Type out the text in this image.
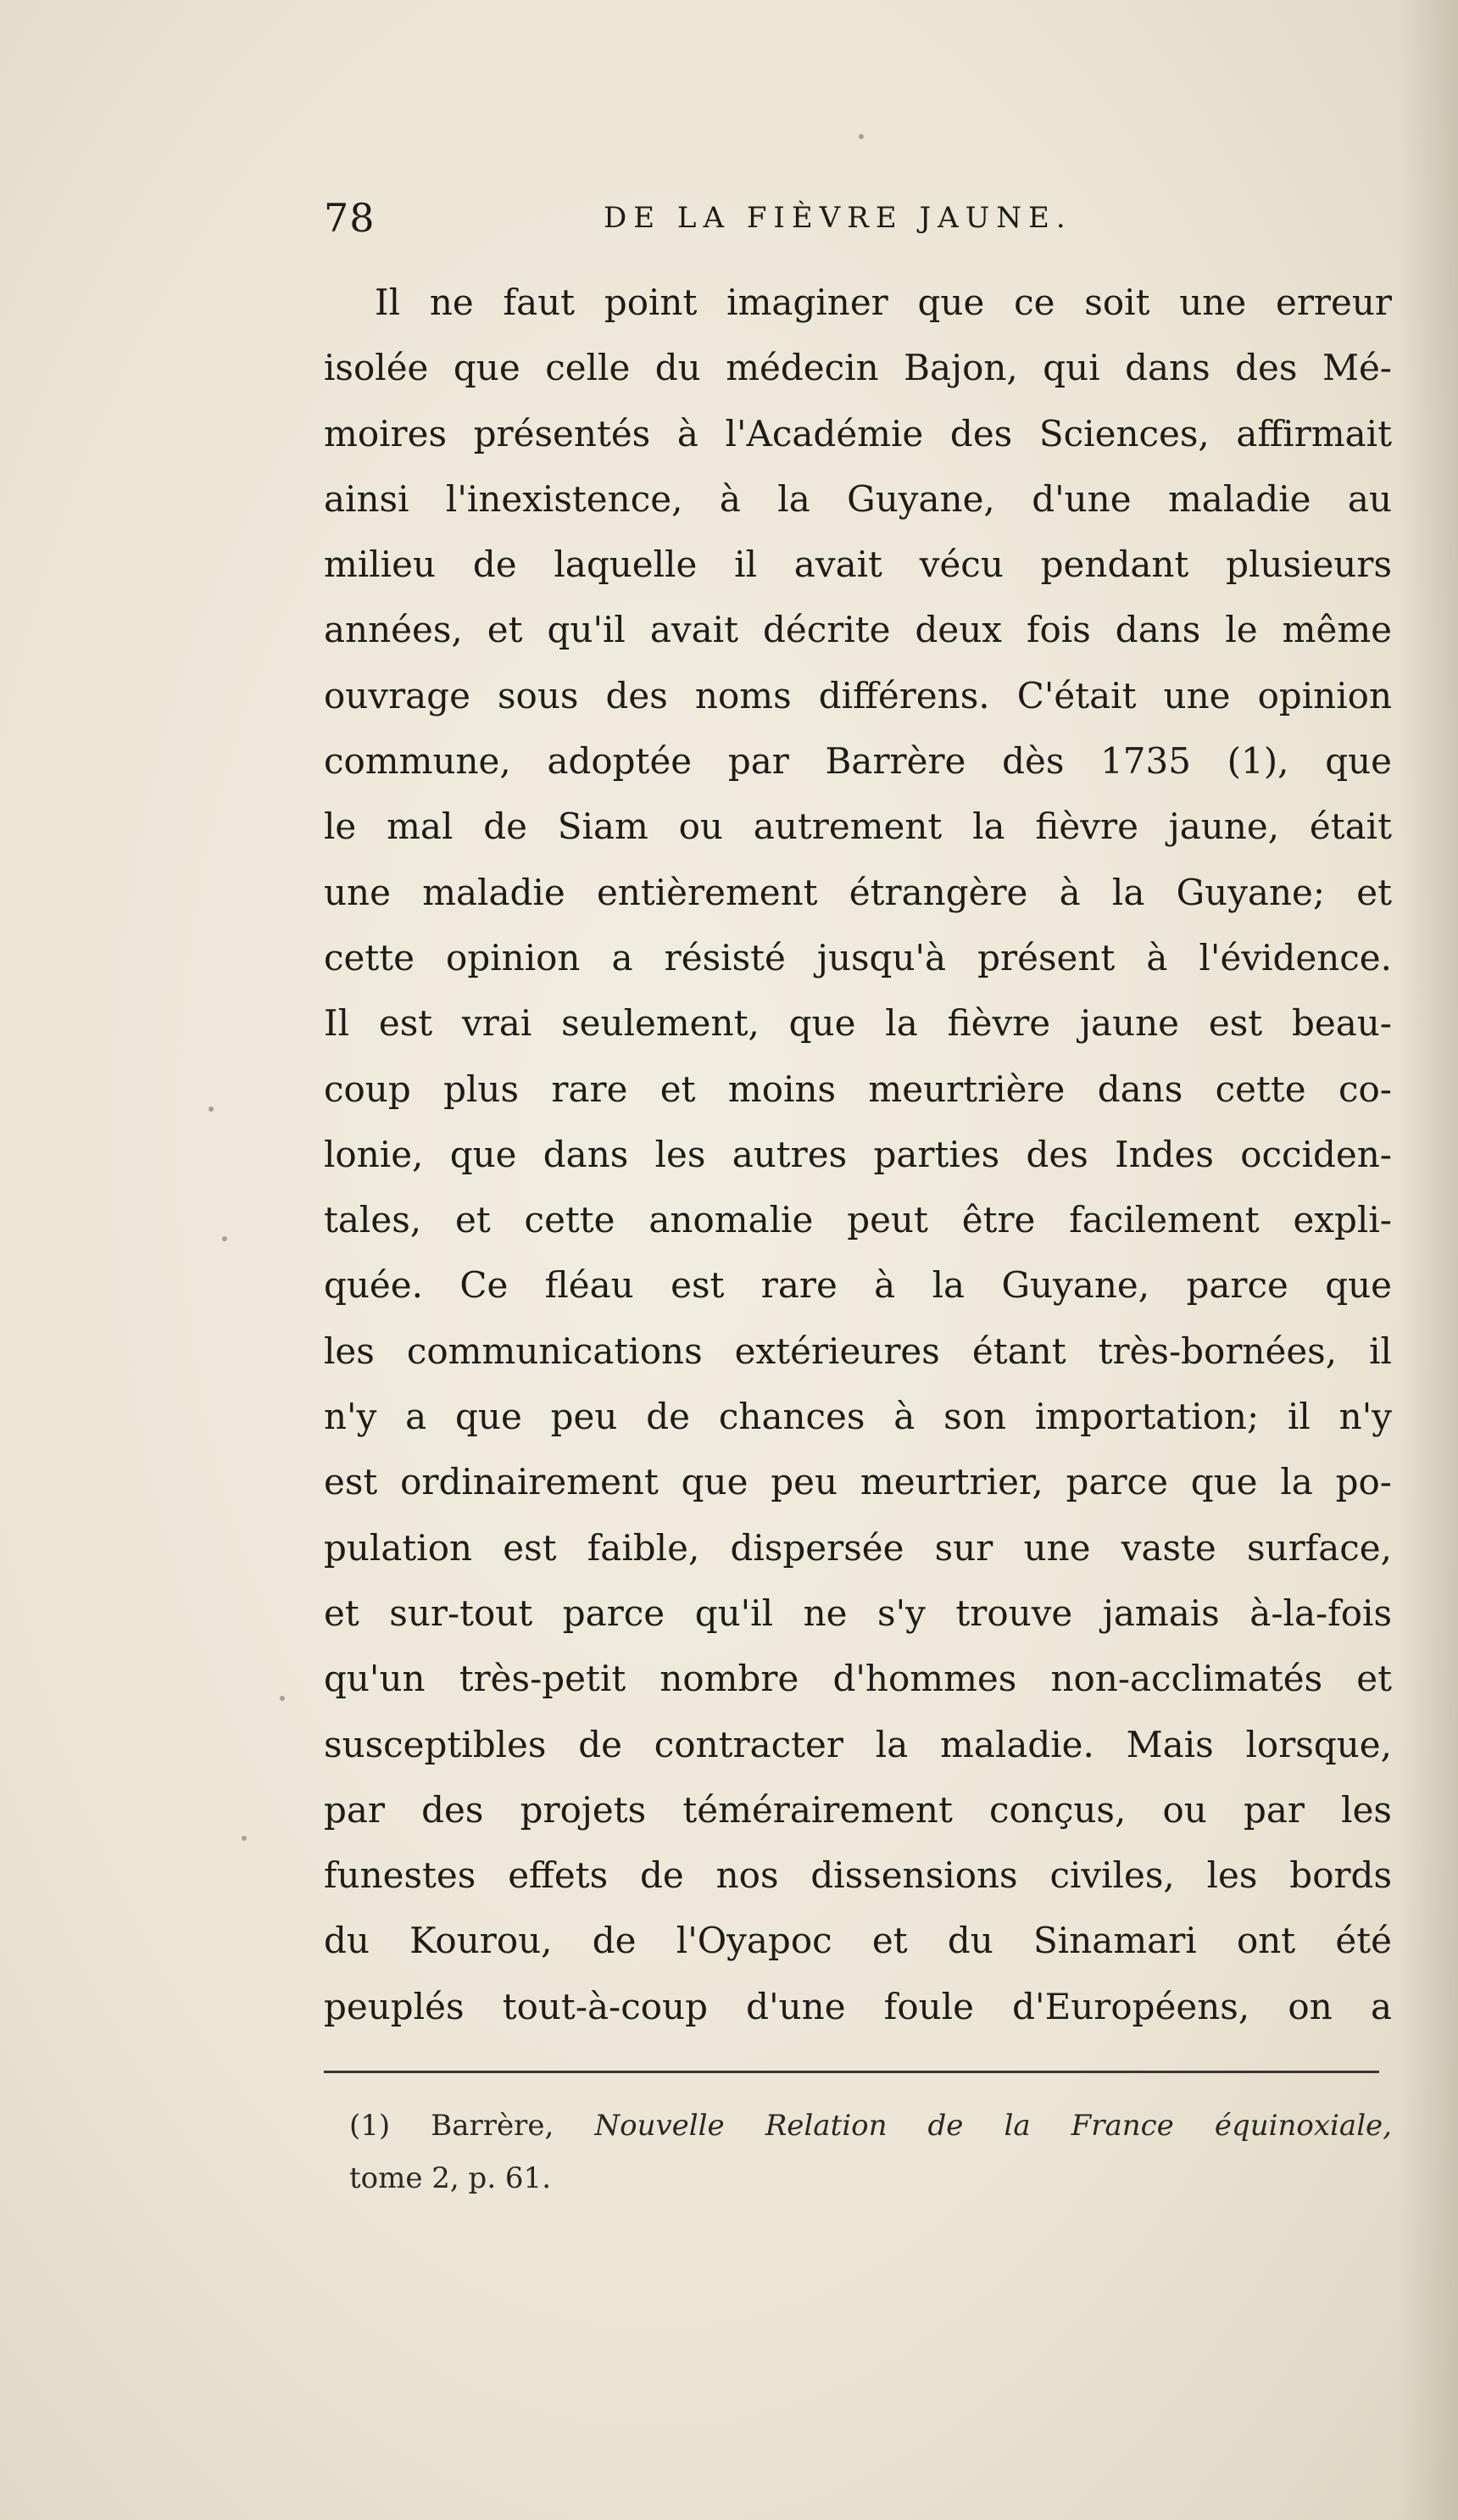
78	DE LA FIÈVRE JAUNE.
Il ne faut point imaginer que ce soit une erreur
isolée que celle du médecin Bajon, qui dans des Mé-
moires présentés à l'Académie des Sciences, affirmait
ainsi l'inexistence, à la Guyane, d'une maladie au
milieu de laquelle il avait vécu pendant plusieurs
années, et qu'il avait décrite deux fois dans le même
ouvrage sous des noms différens. C'était une opinion
commune, adoptée par Barrère dès 1735 (1), que
le mal de Siam ou autrement la fièvre jaune, était
une maladie entièrement étrangère à la Guyane; et
cette opinion a résisté jusqu'à présent à l'évidence.
Il est vrai seulement, que la fièvre jaune est beau-
coup plus rare et moins meurtrière dans cette co-
lonie, que dans les autres parties des Indes occiden-
tales, et cette anomalie peut être facilement expli-
quée. Ce fléau est rare à la Guyane, parce que
les communications extérieures étant très-bornées, il
n'y a que peu de chances à son importation; il n'y
est ordinairement que peu meurtrier, parce que la po-
pulation est faible, dispersée sur une vaste surface,
et sur-tout parce qu'il ne s'y trouve jamais à-la-fois
qu'un très-petit nombre d'hommes non-acclimatés et
susceptibles de contracter la maladie. Mais lorsque,
par des projets témérairement conçus, ou par les
funestes effets de nos dissensions civiles, les bords
du Kourou, de l'Oyapoc et du Sinamari ont été
peuplés tout-à-coup d'une foule d'Européens, on a
(1) Barrère, Nouvelle Relation de la France équinoxiale,
tome 2, p. 61.
